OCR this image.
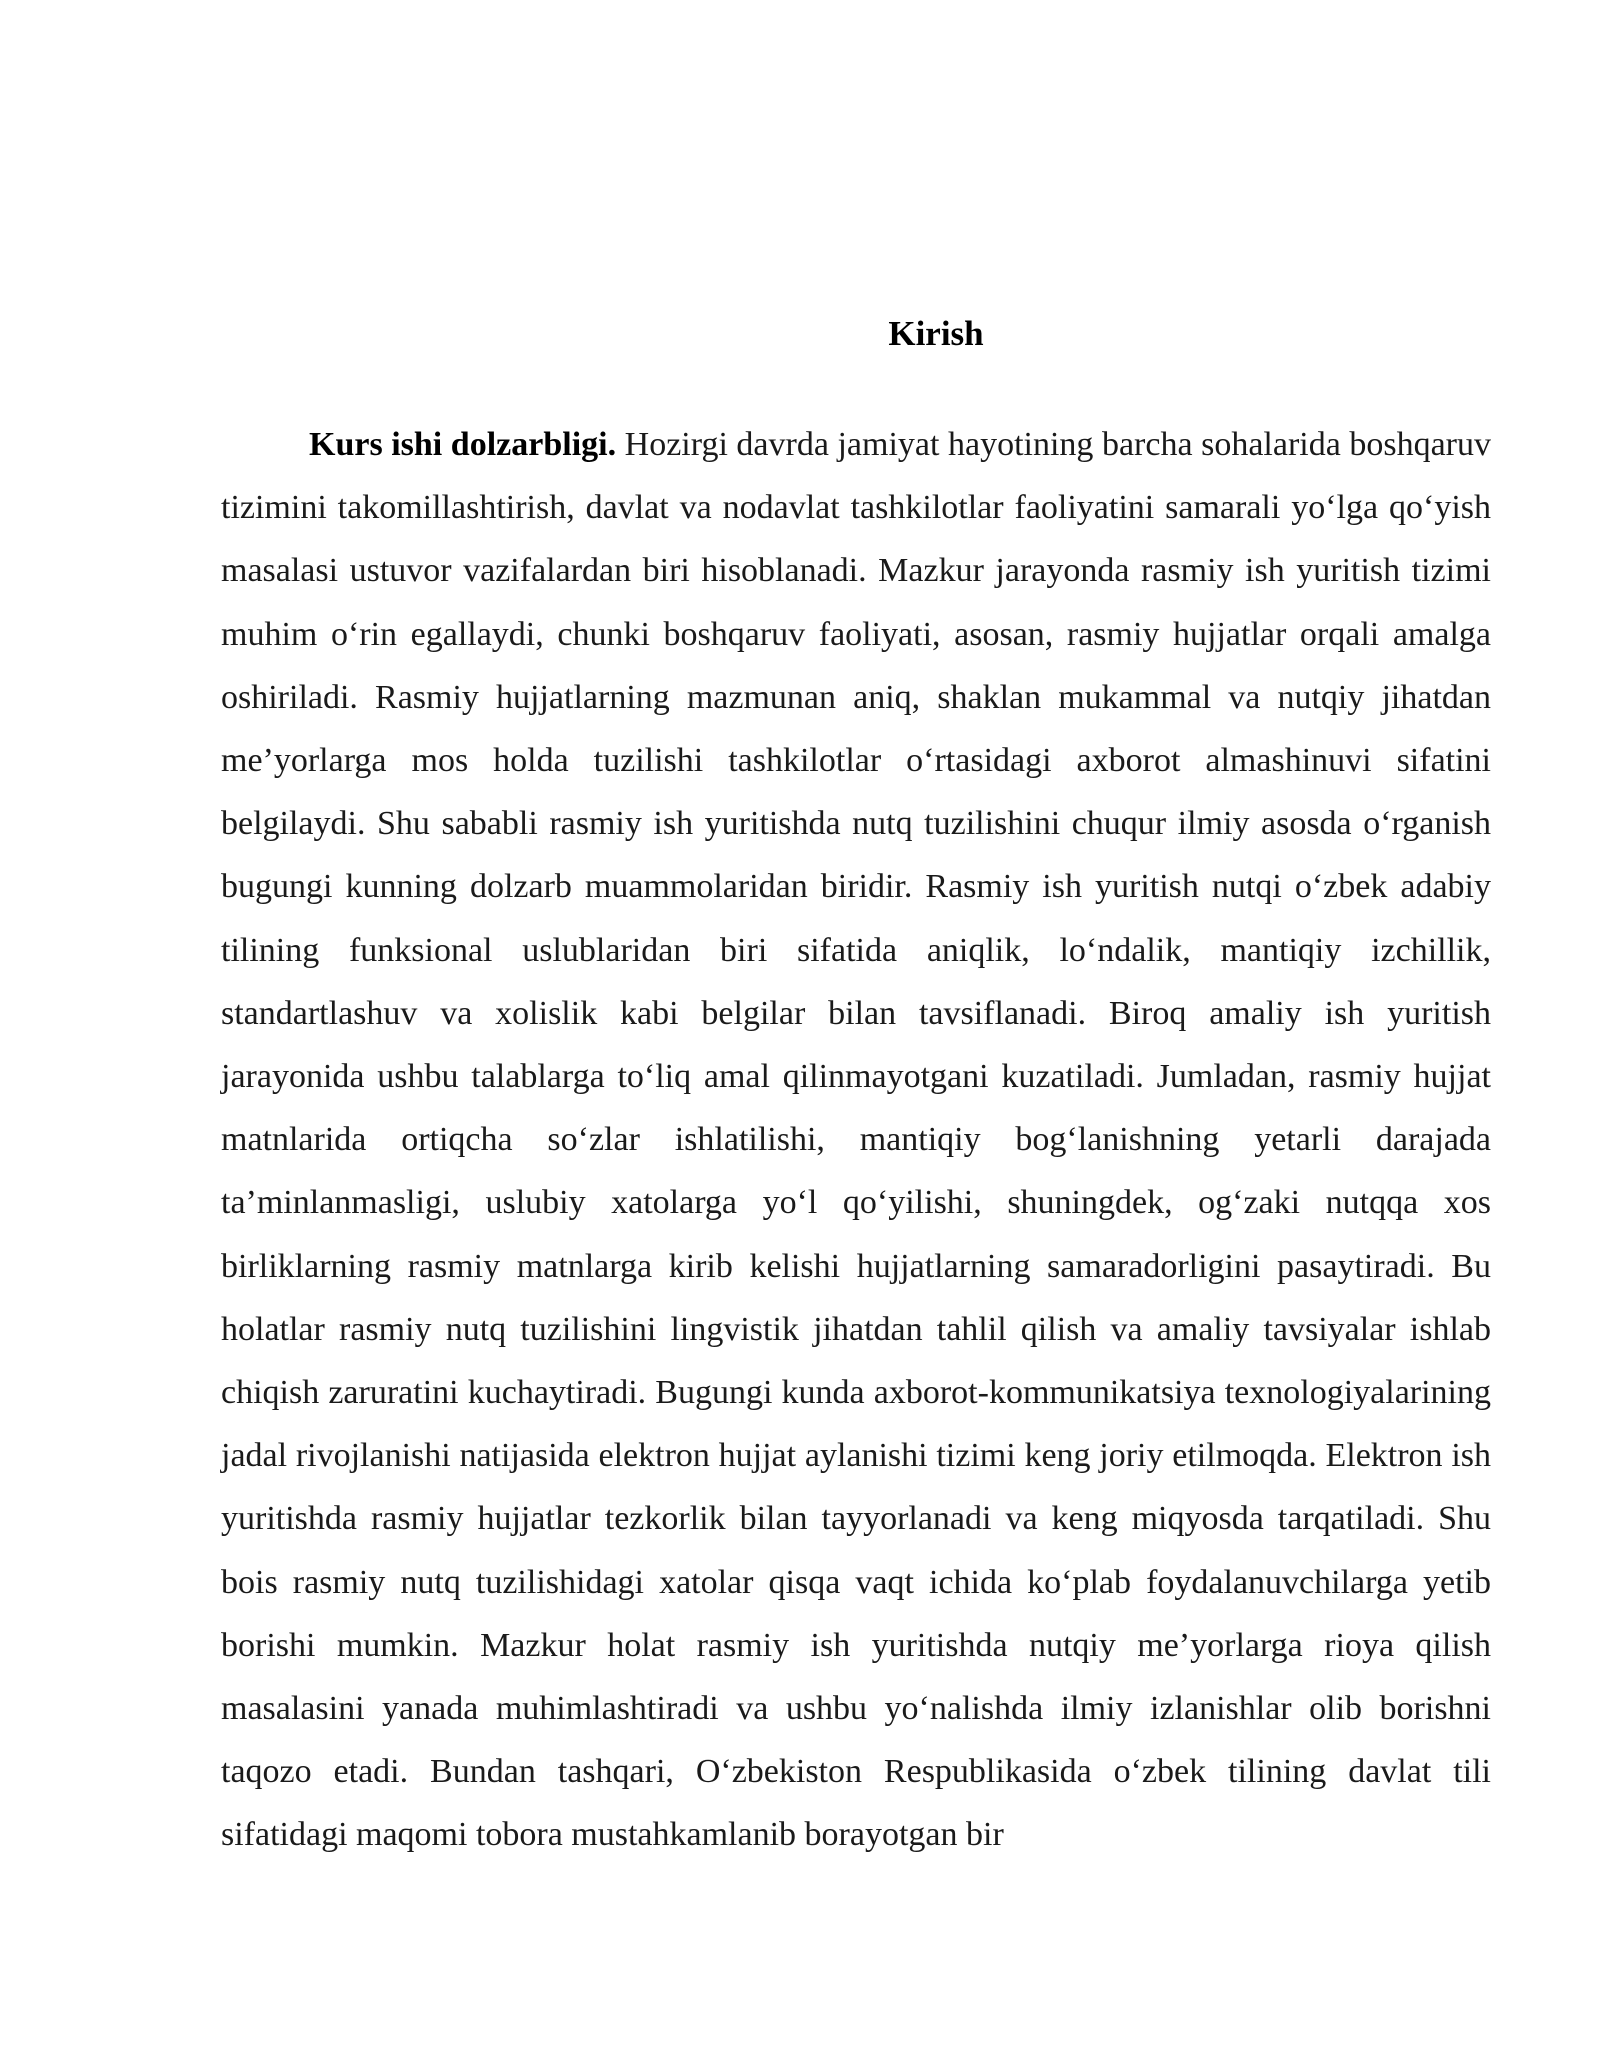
Kirish

Kurs ishi dolzarbligi. Hozirgi davrda jamiyat hayotining barcha sohalarida boshqaruv tizimini takomillashtirish, davlat va nodavlat tashkilotlar faoliyatini samarali yo‘lga qo‘yish masalasi ustuvor vazifalardan biri hisoblanadi. Mazkur jarayonda rasmiy ish yuritish tizimi muhim o‘rin egallaydi, chunki boshqaruv faoliyati, asosan, rasmiy hujjatlar orqali amalga oshiriladi. Rasmiy hujjatlarning mazmunan aniq, shaklan mukammal va nutqiy jihatdan me’yorlarga mos holda tuzilishi tashkilotlar o‘rtasidagi axborot almashinuvi sifatini belgilaydi. Shu sababli rasmiy ish yuritishda nutq tuzilishini chuqur ilmiy asosda o‘rganish bugungi kunning dolzarb muammolaridan biridir. Rasmiy ish yuritish nutqi o‘zbek adabiy tilining funksional uslublaridan biri sifatida aniqlik, lo‘ndalik, mantiqiy izchillik, standartlashuv va xolislik kabi belgilar bilan tavsiflanadi. Biroq amaliy ish yuritish jarayonida ushbu talablarga to‘liq amal qilinmayotgani kuzatiladi. Jumladan, rasmiy hujjat matnlarida ortiqcha so‘zlar ishlatilishi, mantiqiy bog‘lanishning yetarli darajada ta’minlanmasligi, uslubiy xatolarga yo‘l qo‘yilishi, shuningdek, og‘zaki nutqqa xos birliklarning rasmiy matnlarga kirib kelishi hujjatlarning samaradorligini pasaytiradi. Bu holatlar rasmiy nutq tuzilishini lingvistik jihatdan tahlil qilish va amaliy tavsiyalar ishlab chiqish zaruratini kuchaytiradi. Bugungi kunda axborot-kommunikatsiya texnologiyalarining jadal rivojlanishi natijasida elektron hujjat aylanishi tizimi keng joriy etilmoqda. Elektron ish yuritishda rasmiy hujjatlar tezkorlik bilan tayyorlanadi va keng miqyosda tarqatiladi. Shu bois rasmiy nutq tuzilishidagi xatolar qisqa vaqt ichida ko‘plab foydalanuvchilarga yetib borishi mumkin. Mazkur holat rasmiy ish yuritishda nutqiy me’yorlarga rioya qilish masalasini yanada muhimlashtiradi va ushbu yo‘nalishda ilmiy izlanishlar olib borishni taqozo etadi. Bundan tashqari, O‘zbekiston Respublikasida o‘zbek tilining davlat tili sifatidagi maqomi tobora mustahkamlanib borayotgan bir
